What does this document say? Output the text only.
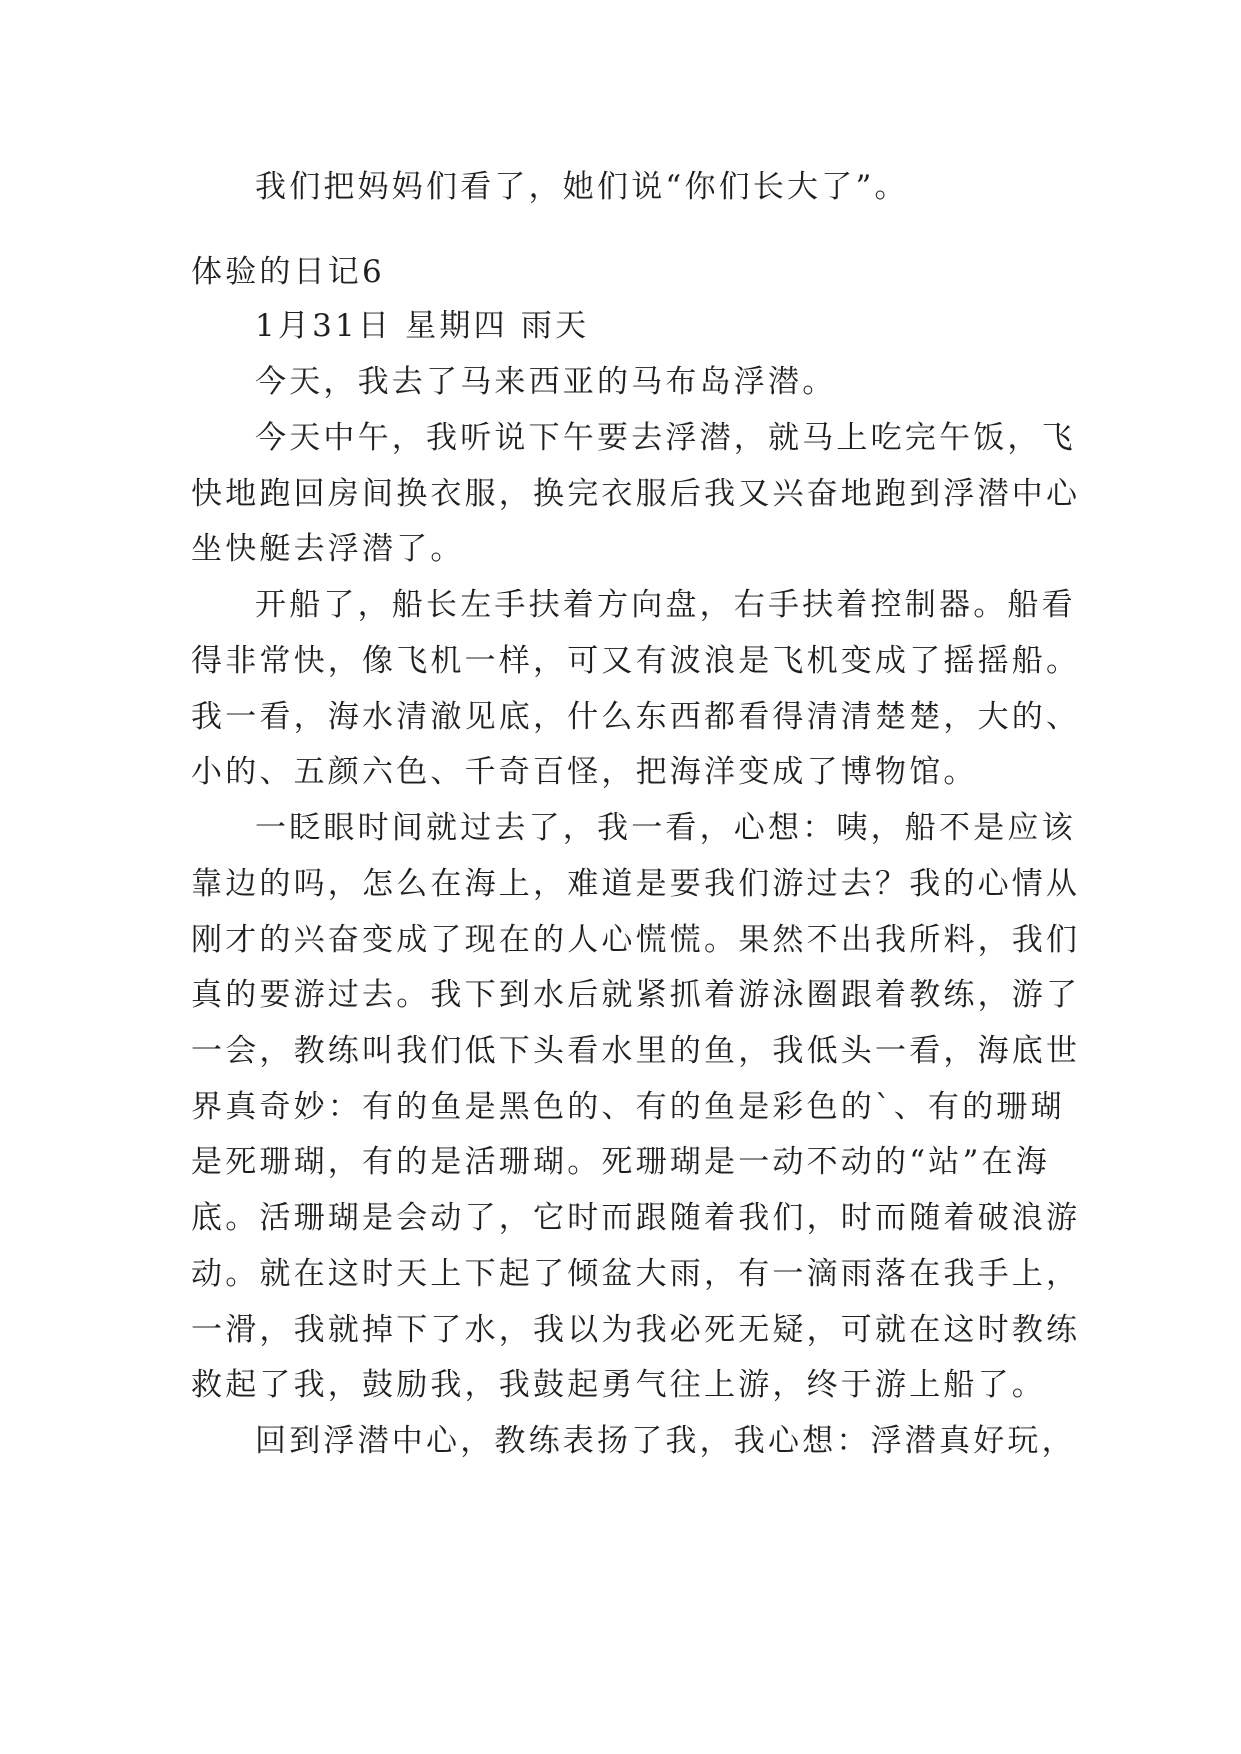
我们把妈妈们看了，她们说“你们长大了”。

体验的日记6

1月31日 星期四 雨天

今天，我去了马来西亚的马布岛浮潜。

今天中午，我听说下午要去浮潜，就马上吃完午饭，飞

快地跑回房间换衣服，换完衣服后我又兴奋地跑到浮潜中心

坐快艇去浮潜了。

开船了，船长左手扶着方向盘，右手扶着控制器。船看

得非常快，像飞机一样，可又有波浪是飞机变成了摇摇船。

我一看，海水清澈见底，什么东西都看得清清楚楚，大的、

小的、五颜六色、千奇百怪，把海洋变成了博物馆。

一眨眼时间就过去了，我一看，心想：咦，船不是应该

靠边的吗，怎么在海上，难道是要我们游过去？我的心情从

刚才的兴奋变成了现在的人心慌慌。果然不出我所料，我们

真的要游过去。我下到水后就紧抓着游泳圈跟着教练，游了

一会，教练叫我们低下头看水里的鱼，我低头一看，海底世

界真奇妙：有的鱼是黑色的、有的鱼是彩色的`、有的珊瑚

是死珊瑚，有的是活珊瑚。死珊瑚是一动不动的“站”在海

底。活珊瑚是会动了，它时而跟随着我们，时而随着破浪游

动。就在这时天上下起了倾盆大雨，有一滴雨落在我手上，

一滑，我就掉下了水，我以为我必死无疑，可就在这时教练

救起了我，鼓励我，我鼓起勇气往上游，终于游上船了。

回到浮潜中心，教练表扬了我，我心想：浮潜真好玩，
